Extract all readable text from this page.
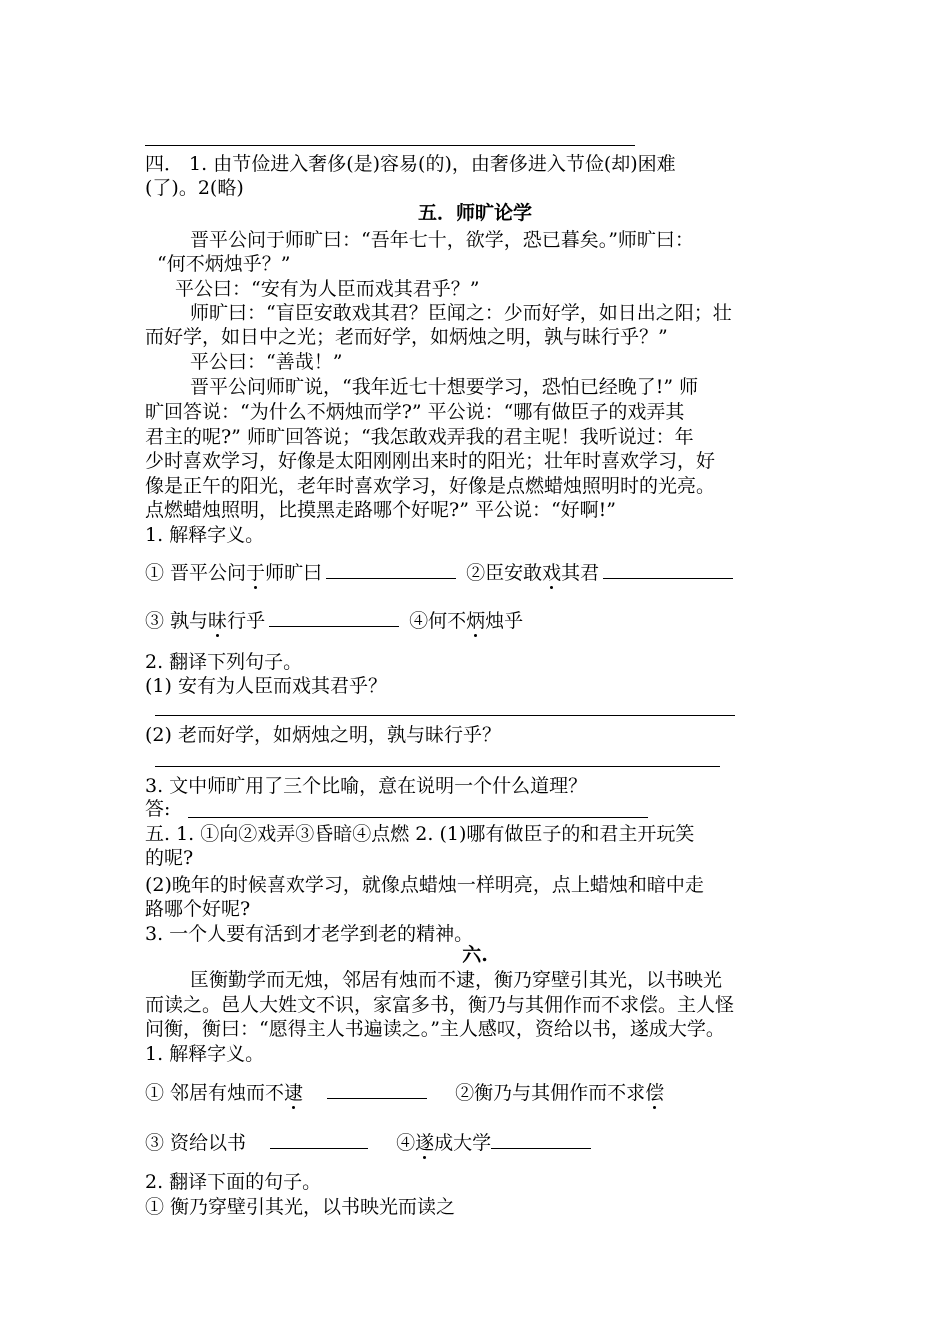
四． 1. 由节俭进入奢侈(是)容易(的)，由奢侈进入节俭(却)困难
(了)。2(略)
五．师旷论学
晋平公问于师旷曰：“吾年七十，欲学，恐已暮矣。”师旷曰：
“何不炳烛乎？”
平公曰：“安有为人臣而戏其君乎？”
师旷曰：“盲臣安敢戏其君？臣闻之：少而好学，如日出之阳；壮
而好学，如日中之光；老而好学，如炳烛之明，孰与昧行乎？”
平公曰：“善哉！”
晋平公问师旷说，“我年近七十想要学习，恐怕已经晚了!” 师
旷回答说：“为什么不炳烛而学?” 平公说：“哪有做臣子的戏弄其
君主的呢?” 师旷回答说；“我怎敢戏弄我的君主呢！我听说过：年
少时喜欢学习，好像是太阳刚刚出来时的阳光；壮年时喜欢学习，好
像是正午的阳光，老年时喜欢学习，好像是点燃蜡烛照明时的光亮。
点燃蜡烛照明，比摸黑走路哪个好呢?” 平公说：“好啊!”
1. 解释字义。
① 晋平公问于师旷曰	②臣安敢戏其君
③ 孰与昧行乎	④何不炳烛乎
2. 翻译下列句子。
(1) 安有为人臣而戏其君乎？
(2) 老而好学，如炳烛之明，孰与昧行乎？
3. 文中师旷用了三个比喻，意在说明一个什么道理？
答:
五. 1. ①向②戏弄③昏暗④点燃 2. (1)哪有做臣子的和君主开玩笑
的呢?
(2)晚年的时候喜欢学习，就像点蜡烛一样明亮，点上蜡烛和暗中走
路哪个好呢?
3. 一个人要有活到才老学到老的精神。
六.
匡衡勤学而无烛，邻居有烛而不逮，衡乃穿壁引其光，以书映光
而读之。邑人大姓文不识，家富多书，衡乃与其佣作而不求偿。主人怪
问衡，衡曰：“愿得主人书遍读之。”主人感叹，资给以书，遂成大学。
1. 解释字义。
① 邻居有烛而不逮	②衡乃与其佣作而不求偿
③ 资给以书	④遂成大学
2. 翻译下面的句子。
① 衡乃穿壁引其光，以书映光而读之
